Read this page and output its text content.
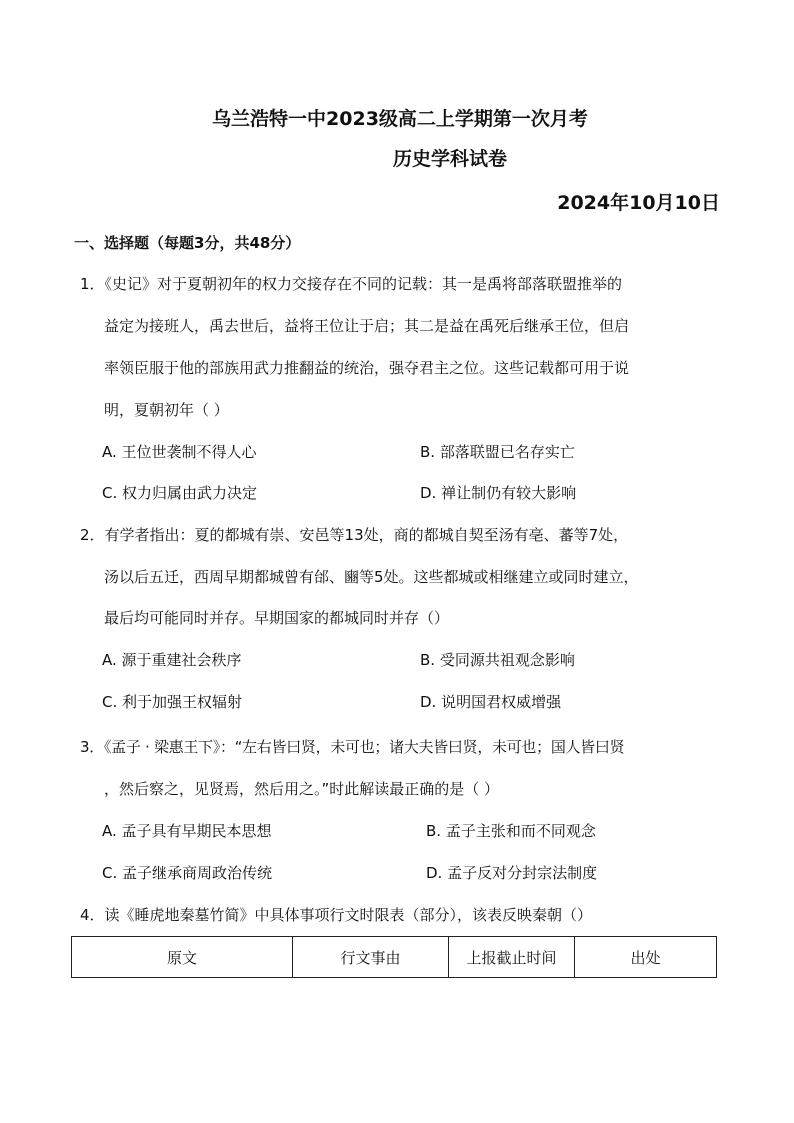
乌兰浩特一中2023级高二上学期第一次月考
历史学科试卷
2024年10月10日
一、选择题（每题3分，共48分）
1．《史记》对于夏朝初年的权力交接存在不同的记载：其一是禹将部落联盟推举的
益定为接班人，禹去世后，益将王位让于启；其二是益在禹死后继承王位，但启
率领臣服于他的部族用武力推翻益的统治，强夺君主之位。这些记载都可用于说
明，夏朝初年（ ）
A. 王位世袭制不得人心	B. 部落联盟已名存实亡
C. 权力归属由武力决定	D. 禅让制仍有较大影响
2．有学者指出：夏的都城有崇、安邑等13处，商的都城自契至汤有亳、蕃等7处，
汤以后五迁，西周早期都城曾有邰、豳等5处。这些都城或相继建立或同时建立，
最后均可能同时并存。早期国家的都城同时并存（）
A. 源于重建社会秩序	B. 受同源共祖观念影响
C. 利于加强王权辐射	D. 说明国君权威增强
3．《孟子 · 梁惠王下》：“左右皆曰贤，未可也；诸大夫皆曰贤，未可也；国人皆曰贤
，然后察之，见贤焉，然后用之。”时此解读最正确的是（ ）
A. 孟子具有早期民本思想	B. 孟子主张和而不同观念
C. 孟子继承商周政治传统	D. 孟子反对分封宗法制度
4．读《睡虎地秦墓竹简》中具体事项行文时限表（部分），该表反映秦朝（）
原文	行文事由	上报截止时间	出处
